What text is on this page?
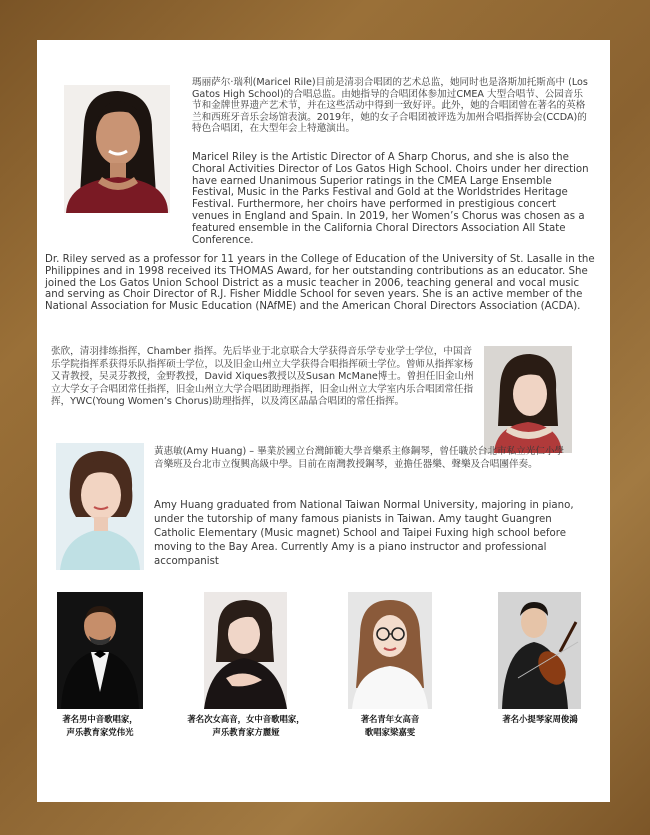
瑪丽萨尔·瑞利(Maricel Rile)目前是清羽合唱团的艺术总监，她同时也是洛斯加托斯高中 (Los Gatos High School)的合唱总监。由她指导的合唱团体参加过CMEA 大型合唱节、公园音乐节和金牌世界遗产艺术节，并在这些活动中得到一致好评。此外，她的合唱团曾在著名的英格兰和西班牙音乐会场馆表演。2019年，她的女子合唱团被评选为加州合唱指挥协会(CCDA)的特色合唱团，在大型年会上特邀演出。

Maricel Riley is the Artistic Director of A Sharp Chorus, and she is also the Choral Activities Director of Los Gatos High School. Choirs under her direction have earned Unanimous Superior ratings in the CMEA Large Ensemble Festival, Music in the Parks Festival and Gold at the Worldstrides Heritage Festival. Furthermore, her choirs have performed in prestigious concert venues in England and Spain. In 2019, her Women’s Chorus was chosen as a featured ensemble in the California Choral Directors Association All State Conference.

Dr. Riley served as a professor for 11 years in the College of Education of the University of St. Lasalle in the Philippines and in 1998 received its THOMAS Award, for her outstanding contributions as an educator. She joined the Los Gatos Union School District as a music teacher in 2006, teaching general and vocal music and serving as Choir Director of R.J. Fisher Middle School for seven years. She is an active member of the National Association for Music Education (NAfME) and the American Choral Directors Association (ACDA).

张欣，清羽排练指挥，Chamber 指挥。先后毕业于北京联合大学获得音乐学专业学士学位，中国音乐学院指挥系获得乐队指挥硕士学位，以及旧金山州立大学获得合唱指挥硕士学位。曾师从指挥家杨又青教授，吴灵芬教授，金野教授，David Xiques教授以及Susan McMane博士。曾担任旧金山州立大学女子合唱团常任指挥，旧金山州立大学合唱团助理指挥，旧金山州立大学室内乐合唱团常任指挥，YWC(Young Women’s Chorus)助理指挥，以及湾区晶晶合唱团的常任指挥。

黃惠敏(Amy Huang) – 畢業於國立台灣師範大學音樂系主修鋼琴，曾任職於台北市私立光仁小學音樂班及台北市立復興高級中學。目前在南灣教授鋼琴，並擔任器樂、聲樂及合唱團伴奏。

Amy Huang graduated from National Taiwan Normal University, majoring in piano, under the tutorship of many famous pianists in Taiwan. Amy taught Guangren Catholic Elementary (Music magnet) School and Taipei Fuxing high school before moving to the Bay Area. Currently Amy is a piano instructor and professional accompanist

著名男中音歌唱家，
声乐教育家党伟光
著名次女高音，女中音歌唱家，
声乐教育家方麗娅
著名青年女高音
歌唱家梁嘉雯
著名小提琴家周俊鴻
